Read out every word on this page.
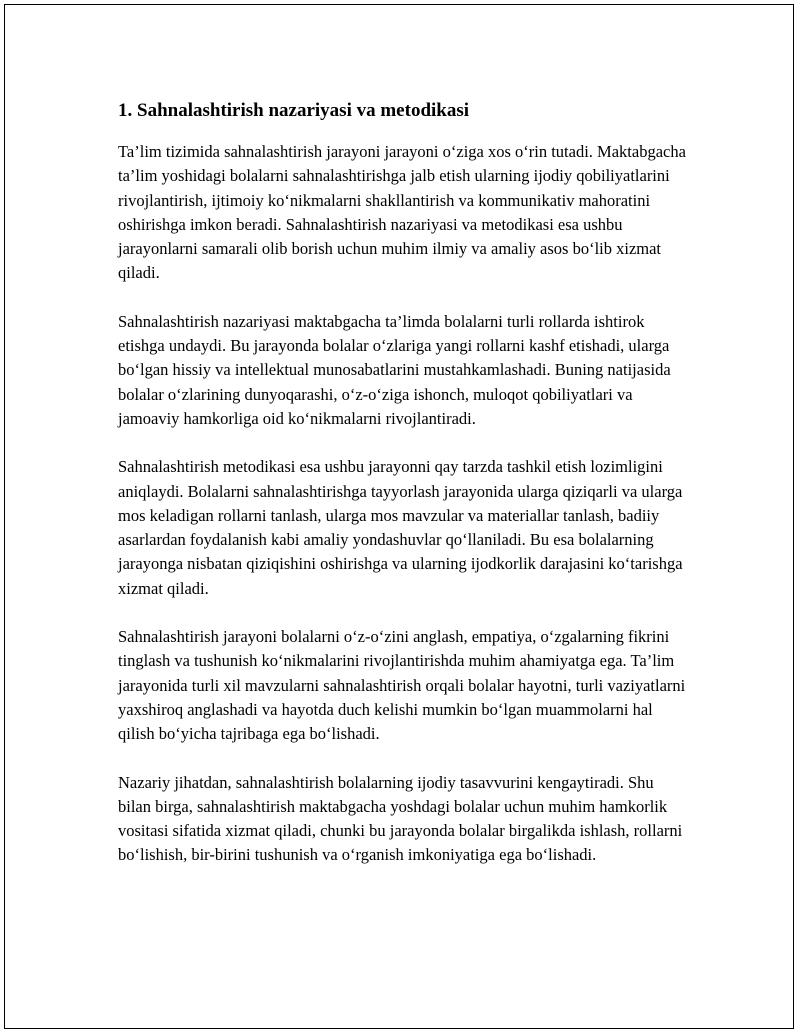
1. Sahnalashtirish nazariyasi va metodikasi

Ta’lim tizimida sahnalashtirish jarayoni jarayoni o‘ziga xos o‘rin tutadi. Maktabgacha ta’lim yoshidagi bolalarni sahnalashtirishga jalb etish ularning ijodiy qobiliyatlarini rivojlantirish, ijtimoiy ko‘nikmalarni shakllantirish va kommunikativ mahoratini oshirishga imkon beradi. Sahnalashtirish nazariyasi va metodikasi esa ushbu jarayonlarni samarali olib borish uchun muhim ilmiy va amaliy asos bo‘lib xizmat qiladi.

Sahnalashtirish nazariyasi maktabgacha ta’limda bolalarni turli rollarda ishtirok etishga undaydi. Bu jarayonda bolalar o‘zlariga yangi rollarni kashf etishadi, ularga bo‘lgan hissiy va intellektual munosabatlarini mustahkamlashadi. Buning natijasida bolalar o‘zlarining dunyoqarashi, o‘z-o‘ziga ishonch, muloqot qobiliyatlari va jamoaviy hamkorliga oid ko‘nikmalarni rivojlantiradi.

Sahnalashtirish metodikasi esa ushbu jarayonni qay tarzda tashkil etish lozimligini aniqlaydi. Bolalarni sahnalashtirishga tayyorlash jarayonida ularga qiziqarli va ularga mos keladigan rollarni tanlash, ularga mos mavzular va materiallar tanlash, badiiy asarlardan foydalanish kabi amaliy yondashuvlar qo‘llaniladi. Bu esa bolalarning jarayonga nisbatan qiziqishini oshirishga va ularning ijodkorlik darajasini ko‘tarishga xizmat qiladi.

Sahnalashtirish jarayoni bolalarni o‘z-o‘zini anglash, empatiya, o‘zgalarning fikrini tinglash va tushunish ko‘nikmalarini rivojlantirishda muhim ahamiyatga ega. Ta’lim jarayonida turli xil mavzularni sahnalashtirish orqali bolalar hayotni, turli vaziyatlarni yaxshiroq anglashadi va hayotda duch kelishi mumkin bo‘lgan muammolarni hal qilish bo‘yicha tajribaga ega bo‘lishadi.

Nazariy jihatdan, sahnalashtirish bolalarning ijodiy tasavvurini kengaytiradi. Shu bilan birga, sahnalashtirish maktabgacha yoshdagi bolalar uchun muhim hamkorlik vositasi sifatida xizmat qiladi, chunki bu jarayonda bolalar birgalikda ishlash, rollarni bo‘lishish, bir-birini tushunish va o‘rganish imkoniyatiga ega bo‘lishadi.
